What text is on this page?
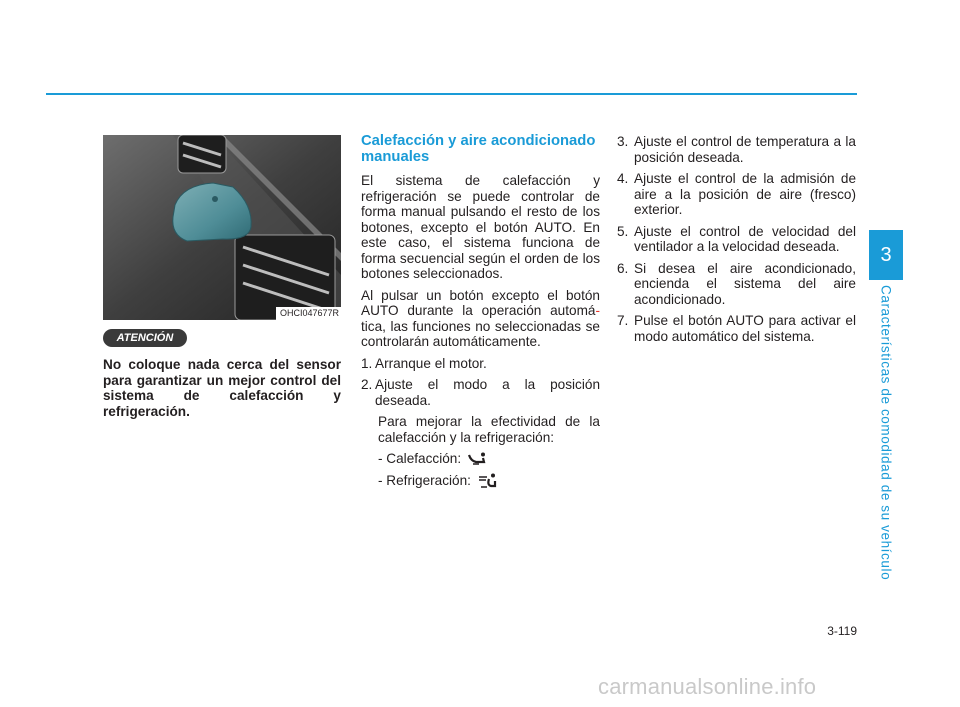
OHCI047677R
ATENCIÓN

No coloque nada cerca del sensor para garantizar un mejor control del sistema de calefacción y refrigeración.

Calefacción y aire acondicionado manuales

El sistema de calefacción y refrigeración se puede controlar de forma manual pulsando el resto de los botones, excepto el botón AUTO. En este caso, el sistema funciona de forma secuencial según el orden de los botones seleccionados.

Al pulsar un botón excepto el botón AUTO durante la operación automá-tica, las funciones no seleccionadas se controlarán automáticamente.

1. Arranque el motor.
2. Ajuste el modo a la posición deseada.

Para mejorar la efectividad de la calefacción y la refrigeración:

- Calefacción:
- Refrigeración:
3. Ajuste el control de temperatura a la posición deseada.
4. Ajuste el control de la admisión de aire a la posición de aire (fresco) exterior.
5. Ajuste el control de velocidad del ventilador a la velocidad deseada.
6. Si desea el aire acondicionado, encienda el sistema del aire acondicionado.
7. Pulse el botón AUTO para activar el modo automático del sistema.
3
Características de comodidad de su vehículo
3-119
carmanualsonline.info
